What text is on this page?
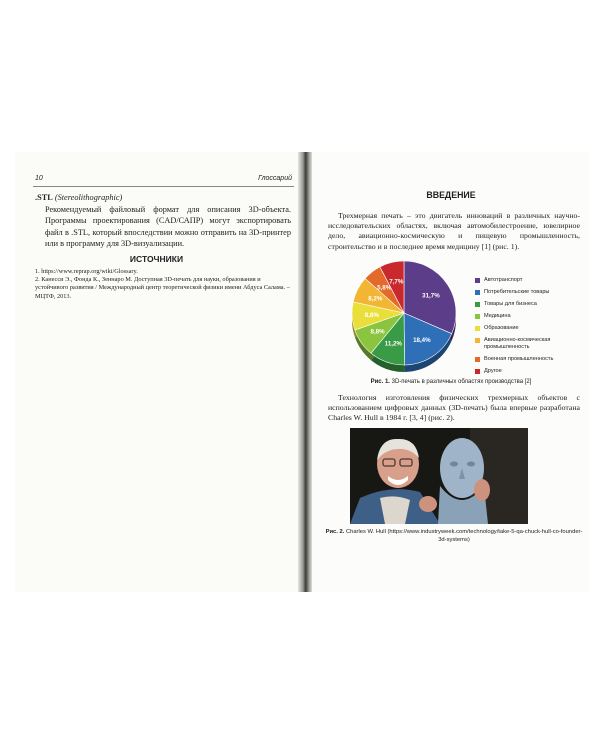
10	Глоссарий
.STL (Stereolithographic)
Рекомендуемый файловый формат для описания 3D-объекта. Программы проектирования (CAD/САПР) могут экспортировать файл в .STL, который впоследствии можно отправить на 3D-принтер или в программу для 3D-визуализации.
ИСТОЧНИКИ
1. https://www.reprap.org/wiki/Glossary.
2. Канесси Э., Фонда К., Зеннаро М. Доступная 3D-печать для науки, образования и устойчивого развития / Международный центр теоретической физики имени Абдуса Салама. – МЦТФ, 2013.
ВВЕДЕНИЕ

Трехмерная печать – это двигатель инноваций в различных научно-исследовательских областях, включая автомобилестроение, ювелирное дело, авиационно-космическую и пищевую промышленность, строительство и в последнее время медицину [1] (рис. 1).

31,7%
18,4%
11,2%
8,8%
8,8%
8,2%
5,8%
7,7%	Автотранспорт
Потребительские товары
Товары для бизнеса
Медицина
Образование
Авиационно-космическая промышленность
Военная промышленность
Другое
Рис. 1. 3D-печать в различных областях производства [2]

Технология изготовления физических трехмерных объектов с использованием цифровых данных (3D-печать) была впервые разработана Charles W. Hull в 1984 г. [3, 4] (рис. 2).

Рис. 2. Charles W. Hull (https://www.industryweek.com/technology/take-5-qa-chuck-hull-co-founder-3d-systems)
